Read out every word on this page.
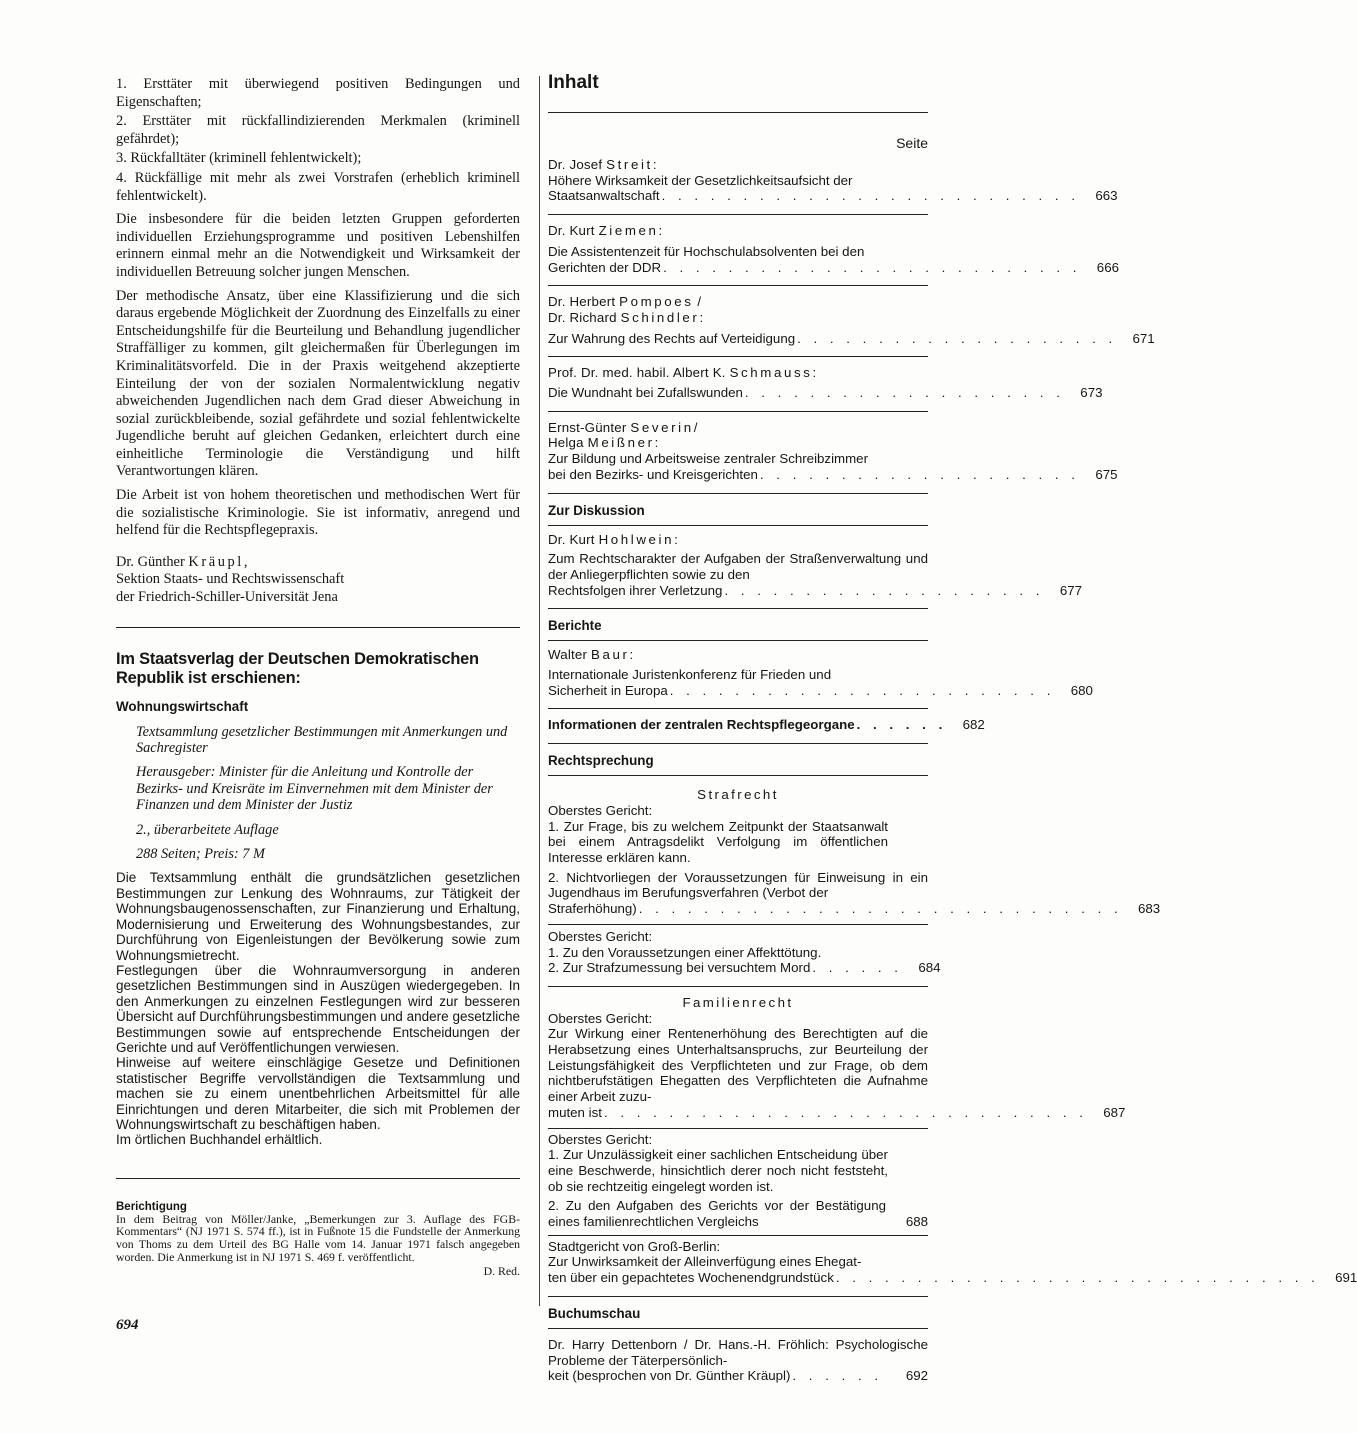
1. Ersttäter mit überwiegend positiven Bedingungen und Eigenschaften;

2. Ersttäter mit rückfallindizierenden Merkmalen (kriminell gefährdet);

3. Rückfalltäter (kriminell fehlentwickelt);

4. Rückfällige mit mehr als zwei Vorstrafen (erheblich kriminell fehlentwickelt).

Die insbesondere für die beiden letzten Gruppen geforderten individuellen Erziehungsprogramme und positiven Lebenshilfen erinnern einmal mehr an die Notwendigkeit und Wirksamkeit der individuellen Betreuung solcher jungen Menschen.

Der methodische Ansatz, über eine Klassifizierung und die sich daraus ergebende Möglichkeit der Zuordnung des Einzelfalls zu einer Entscheidungshilfe für die Beurteilung und Behandlung jugendlicher Straffälliger zu kommen, gilt gleichermaßen für Überlegungen im Kriminalitätsvorfeld. Die in der Praxis weitgehend akzeptierte Einteilung der von der sozialen Normalentwicklung negativ abweichenden Jugendlichen nach dem Grad dieser Abweichung in sozial zurückbleibende, sozial gefährdete und sozial fehlentwickelte Jugendliche beruht auf gleichen Gedanken, erleichtert durch eine einheitliche Terminologie die Verständigung und hilft Verantwortungen klären.

Die Arbeit ist von hohem theoretischen und methodischen Wert für die sozialistische Kriminologie. Sie ist informativ, anregend und helfend für die Rechtspflegepraxis.

Dr. Günther Kräupl,
Sektion Staats- und Rechtswissenschaft
der Friedrich-Schiller-Universität Jena
Im Staatsverlag der Deutschen Demokratischen Republik ist erschienen:
Wohnungswirtschaft

Textsammlung gesetzlicher Bestimmungen mit Anmerkungen und Sachregister

Herausgeber: Minister für die Anleitung und Kontrolle der Bezirks- und Kreisräte im Einvernehmen mit dem Minister der Finanzen und dem Minister der Justiz

2., überarbeitete Auflage

288 Seiten; Preis: 7 M

Die Textsammlung enthält die grundsätzlichen gesetzlichen Bestimmungen zur Lenkung des Wohnraums, zur Tätigkeit der Wohnungsbaugenossenschaften, zur Finanzierung und Erhaltung, Modernisierung und Erweiterung des Wohnungsbestandes, zur Durchführung von Eigenleistungen der Bevölkerung sowie zum Wohnungsmietrecht.

Festlegungen über die Wohnraumversorgung in anderen gesetzlichen Bestimmungen sind in Auszügen wiedergegeben. In den Anmerkungen zu einzelnen Festlegungen wird zur besseren Übersicht auf Durchführungsbestimmungen und andere gesetzliche Bestimmungen sowie auf entsprechende Entscheidungen der Gerichte und auf Veröffentlichungen verwiesen.

Hinweise auf weitere einschlägige Gesetze und Definitionen statistischer Begriffe vervollständigen die Textsammlung und machen sie zu einem unentbehrlichen Arbeitsmittel für alle Einrichtungen und deren Mitarbeiter, die sich mit Problemen der Wohnungswirtschaft zu beschäftigen haben.

Im örtlichen Buchhandel erhältlich.

Berichtigung

In dem Beitrag von Möller/Janke, „Bemerkungen zur 3. Auflage des FGB-Kommentars“ (NJ 1971 S. 574 ff.), ist in Fußnote 15 die Fundstelle der Anmerkung von Thoms zu dem Urteil des BG Halle vom 14. Januar 1971 falsch angegeben worden. Die Anmerkung ist in NJ 1971 S. 469 f. veröffentlicht.

D. Red.
694
Inhalt
Seite
Dr. Josef Streit:
Höhere Wirksamkeit der Gesetzlichkeitsaufsicht der
Staatsanwaltschaft . . . . . . . . . . . . . . . . . . . . . . . . . .	663
Dr. Kurt Ziemen:
Die Assistentenzeit für Hochschulabsolventen bei den
Gerichten der DDR . . . . . . . . . . . . . . . . . . . . . . . . . .	666
Dr. Herbert Pompoes /
Dr. Richard Schindler:
Zur Wahrung des Rechts auf Verteidigung . . . . . . . . . . . . . . . . . . . .	671
Prof. Dr. med. habil. Albert K. Schmauss:
Die Wundnaht bei Zufallswunden . . . . . . . . . . . . . . . . . . . .	673
Ernst-Günter Severin/
Helga Meißner:
Zur Bildung und Arbeitsweise zentraler Schreibzimmer
bei den Bezirks- und Kreisgerichten . . . . . . . . . . . . . . . . . . . .	675
Zur Diskussion
Dr. Kurt Hohlwein:
Zum Rechtscharakter der Aufgaben der Straßenverwaltung und der Anliegerpflichten sowie zu den
Rechtsfolgen ihrer Verletzung . . . . . . . . . . . . . . . . . . . .	677
Berichte
Walter Baur:
Internationale Juristenkonferenz für Frieden und
Sicherheit in Europa . . . . . . . . . . . . . . . . . . . . . . . .	680
Informationen der zentralen Rechtspflegeorgane . . . . . .	682
Rechtsprechung
Strafrecht
Oberstes Gericht:
1. Zur Frage, bis zu welchem Zeitpunkt der Staatsanwalt bei einem Antragsdelikt Verfolgung im öffentlichen Interesse erklären kann.
2. Nichtvorliegen der Voraussetzungen für Einweisung in ein Jugendhaus im Berufungsverfahren (Verbot der
Straferhöhung) . . . . . . . . . . . . . . . . . . . . . . . . . . . . . .	683
Oberstes Gericht:
1. Zu den Voraussetzungen einer Affekttötung.
2. Zur Strafzumessung bei versuchtem Mord . . . . . .	684
Familienrecht
Oberstes Gericht:
Zur Wirkung einer Rentenerhöhung des Berechtigten auf die Herabsetzung eines Unterhaltsanspruchs, zur Beurteilung der Leistungsfähigkeit des Verpflichteten und zur Frage, ob dem nichtberufstätigen Ehegatten des Verpflichteten die Aufnahme einer Arbeit zuzu-
muten ist . . . . . . . . . . . . . . . . . . . . . . . . . . . . . .	687
Oberstes Gericht:
1. Zur Unzulässigkeit einer sachlichen Entscheidung über eine Beschwerde, hinsichtlich derer noch nicht feststeht, ob sie rechtzeitig eingelegt worden ist.
2. Zu den Aufgaben des Gerichts vor der Bestätigung eines familienrechtlichen Vergleichs	688
Stadtgericht von Groß-Berlin:
Zur Unwirksamkeit der Alleinverfügung eines Ehegat-
ten über ein gepachtetes Wochenendgrundstück . . . . . . . . . . . . . . . . . . . . . . . . . . . . . .	691
Buchumschau
Dr. Harry Dettenborn / Dr. Hans.-H. Fröhlich: Psychologische Probleme der Täterpersönlich-
keit (besprochen von Dr. Günther Kräupl) . . . . . .	692
